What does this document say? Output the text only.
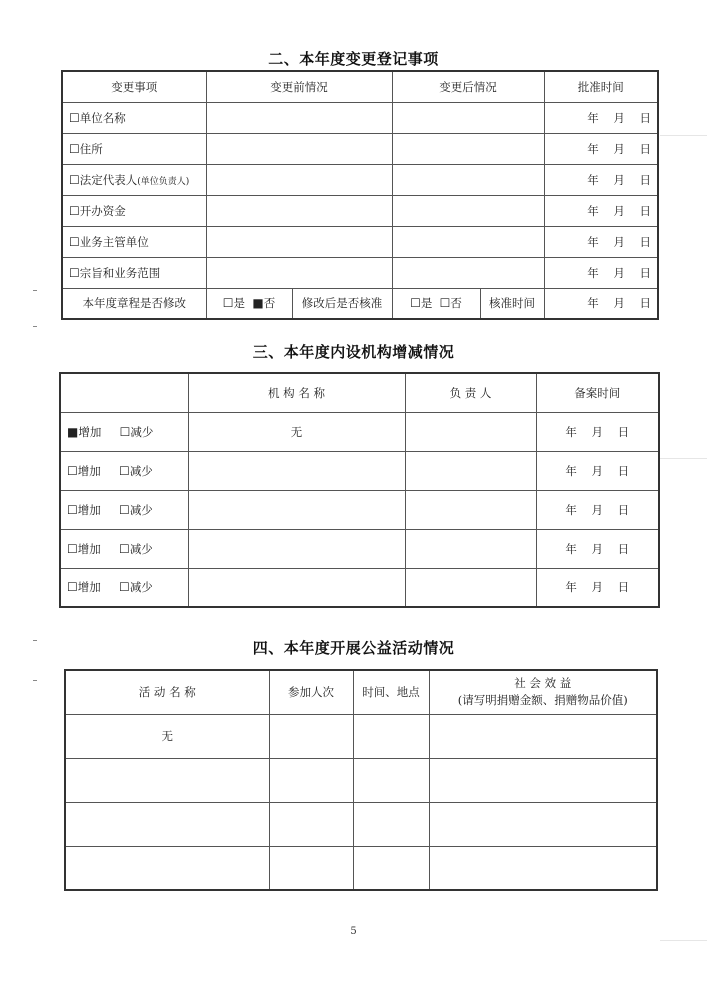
二、本年度变更登记事项
变更事项	变更前情况		变更后情况		批准时间
☐单位名称					年 月 日
☐住所					年 月 日
☐法定代表人(单位负责人)					年 月 日
☐开办资金					年 月 日
☐业务主管单位					年 月 日
☐宗旨和业务范围					年 月 日
本年度章程是否修改	☐是 ■否	修改后是否核准	☐是 ☐否	核准时间	年 月 日
三、本年度内设机构增减情况
	机 构 名 称	负 责 人	备案时间
■增加 ☐减少	无		年 月 日
☐增加 ☐减少			年 月 日
☐增加 ☐减少			年 月 日
☐增加 ☐减少			年 月 日
☐增加 ☐减少			年 月 日
四、本年度开展公益活动情况
活 动 名 称	参加人次	时间、地点	社 会 效 益
(请写明捐赠金额、捐赠物品价值)

无			

5
